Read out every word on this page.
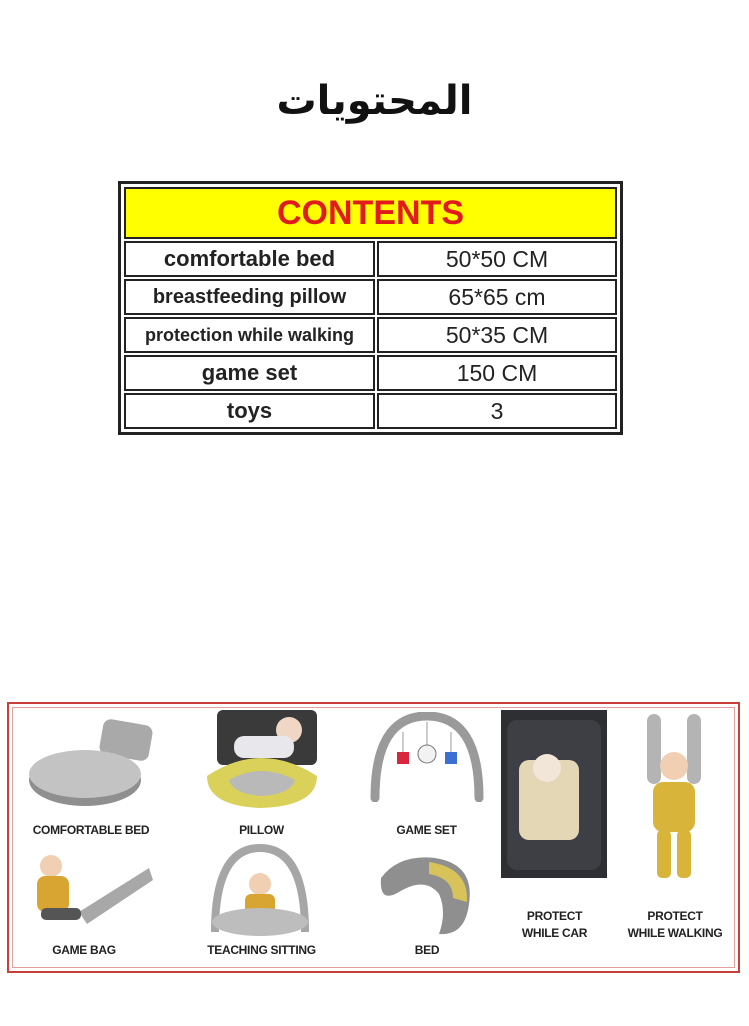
المحتويات
CONTENTS
comfortable bed	50*50 CM
breastfeeding pillow	65*65 cm
protection while walking	50*35 CM
game set	150 CM
toys	3
COMFORTABLE BED	PILLOW	GAME SET
PROTECT
WHILE CAR
PROTECT
WHILE WALKING
GAME BAG	TEACHING SITTING	BED
